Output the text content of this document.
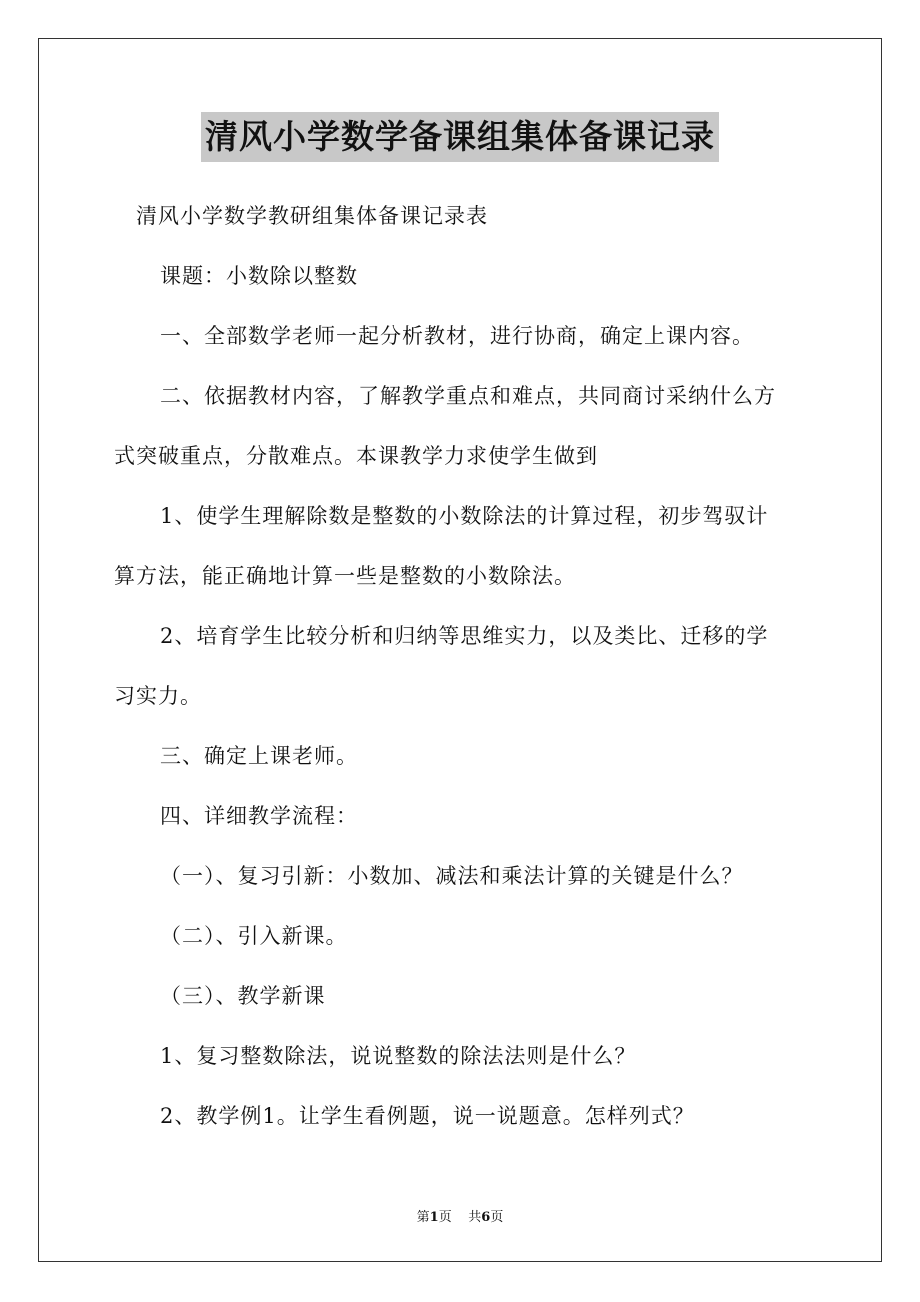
清风小学数学备课组集体备课记录
清风小学数学教研组集体备课记录表
课题：小数除以整数
一、全部数学老师一起分析教材，进行协商，确定上课内容。
二、依据教材内容，了解教学重点和难点，共同商讨采纳什么方
式突破重点，分散难点。本课教学力求使学生做到
1、使学生理解除数是整数的小数除法的计算过程，初步驾驭计
算方法，能正确地计算一些是整数的小数除法。
2、培育学生比较分析和归纳等思维实力，以及类比、迁移的学
习实力。
三、确定上课老师。
四、详细教学流程：
（一）、复习引新：小数加、减法和乘法计算的关键是什么？
（二）、引入新课。
（三）、教学新课
1、复习整数除法，说说整数的除法法则是什么？
2、教学例1。让学生看例题，说一说题意。怎样列式？
第1页 共6页
